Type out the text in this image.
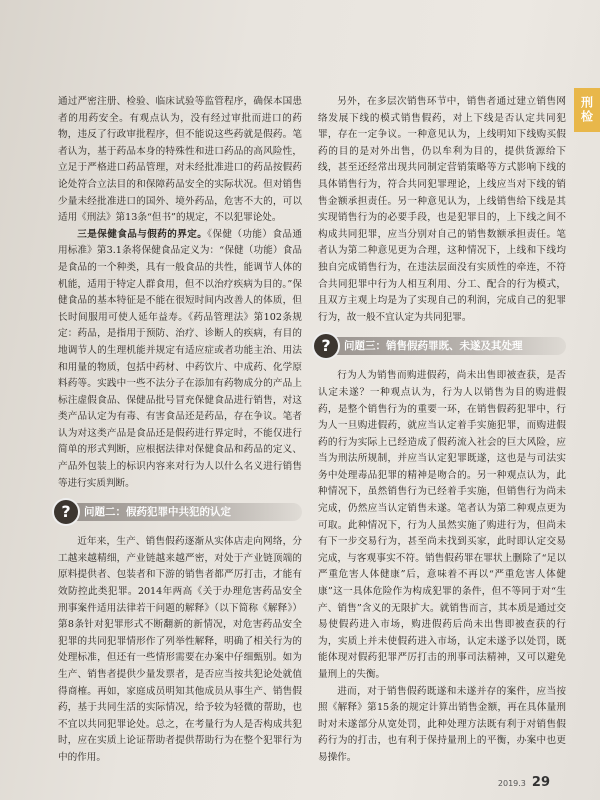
刑检

通过严密注册、检验、临床试验等监管程序，确保本国患者的用药安全。有观点认为，没有经过审批而进口的药物，违反了行政审批程序，但不能说这些药就是假药。笔者认为，基于药品本身的特殊性和进口药品的高风险性，立足于严格进口药品管理，对未经批准进口的药品按假药论处符合立法目的和保障药品安全的实际状况。但对销售少量未经批准进口的国外、境外药品，危害不大的，可以适用《刑法》第13条“但书”的规定，不以犯罪论处。

三是保健食品与假药的界定。《保健（功能）食品通用标准》第3.1条将保健食品定义为：“保健（功能）食品是食品的一个种类，具有一般食品的共性，能调节人体的机能，适用于特定人群食用，但不以治疗疾病为目的。”保健食品的基本特征是不能在很短时间内改善人的体质，但长时间服用可使人延年益寿。《药品管理法》第102条规定：药品，是指用于预防、治疗、诊断人的疾病，有目的地调节人的生理机能并规定有适应症或者功能主治、用法和用量的物质，包括中药材、中药饮片、中成药、化学原料药等。实践中一些不法分子在添加有药物成分的产品上标注虚假食品、保健品批号冒充保健食品进行销售，对这类产品认定为有毒、有害食品还是药品，存在争议。笔者认为对这类产品是食品还是假药进行界定时，不能仅进行简单的形式判断，应根据法律对保健食品和药品的定义、产品外包装上的标识内容来对行为人以什么名义进行销售等进行实质判断。

?	问题二：假药犯罪中共犯的认定

近年来，生产、销售假药逐渐从实体店走向网络，分工越来越精细，产业链越来越严密，对处于产业链顶端的原料提供者、包装者和下游的销售者都严厉打击，才能有效防控此类犯罪。2014年两高《关于办理危害药品安全刑事案件适用法律若干问题的解释》（以下简称《解释》）第8条针对犯罪形式不断翻新的新情况，对危害药品安全犯罪的共同犯罪情形作了列举性解释，明确了相关行为的处理标准，但还有一些情形需要在办案中仔细甄别。如为生产、销售者提供少量发票者，是否应当按共犯论处就值得商榷。再如，家庭成员明知其他成员从事生产、销售假药，基于共同生活的实际情况，给予较为轻微的帮助，也不宜以共同犯罪论处。总之，在考量行为人是否构成共犯时，应在实质上论证帮助者提供帮助行为在整个犯罪行为中的作用。

另外，在多层次销售环节中，销售者通过建立销售网络发展下线的模式销售假药，对上下线是否认定共同犯罪，存在一定争议。一种意见认为，上线明知下线购买假药的目的是对外出售，仍以牟利为目的，提供货源给下线，甚至还经常出现共同制定营销策略等方式影响下线的具体销售行为，符合共同犯罪理论，上线应当对下线的销售金额承担责任。另一种意见认为，上线销售给下线是其实现销售行为的必要手段，也是犯罪目的，上下线之间不构成共同犯罪，应当分别对自己的销售数额承担责任。笔者认为第二种意见更为合理，这种情况下，上线和下线均独自完成销售行为，在违法层面没有实质性的牵连，不符合共同犯罪中行为人相互利用、分工、配合的行为模式，且双方主观上均是为了实现自己的利润，完成自己的犯罪行为，故一般不宜认定为共同犯罪。

?	问题三：销售假药罪既、未遂及其处理

行为人为销售而购进假药，尚未出售即被查获，是否认定未遂？一种观点认为，行为人以销售为目的购进假药，是整个销售行为的重要一环，在销售假药犯罪中，行为人一旦购进假药，就应当认定着手实施犯罪，而购进假药的行为实际上已经造成了假药流入社会的巨大风险，应当为刑法所规制，并应当认定犯罪既遂，这也是与司法实务中处理毒品犯罪的精神是吻合的。另一种观点认为，此种情况下，虽然销售行为已经着手实施，但销售行为尚未完成，仍然应当认定销售未遂。笔者认为第二种观点更为可取。此种情况下，行为人虽然实施了购进行为，但尚未有下一步交易行为，甚至尚未找到买家，此时即认定交易完成，与客观事实不符。销售假药罪在罪状上删除了“足以严重危害人体健康”后，意味着不再以“严重危害人体健康”这一具体危险作为构成犯罪的条件，但不等同于对“生产、销售”含义的无限扩大。就销售而言，其本质是通过交易使假药进入市场，购进假药后尚未出售即被查获的行为，实质上并未使假药进入市场，认定未遂予以处罚，既能体现对假药犯罪严厉打击的刑事司法精神，又可以避免量刑上的失衡。

进而，对于销售假药既遂和未遂并存的案件，应当按照《解释》第15条的规定计算出销售金额，再在具体量刑时对未遂部分从宽处罚，此种处理方法既有利于对销售假药行为的打击，也有利于保持量刑上的平衡，办案中也更易操作。

2019.3 29
